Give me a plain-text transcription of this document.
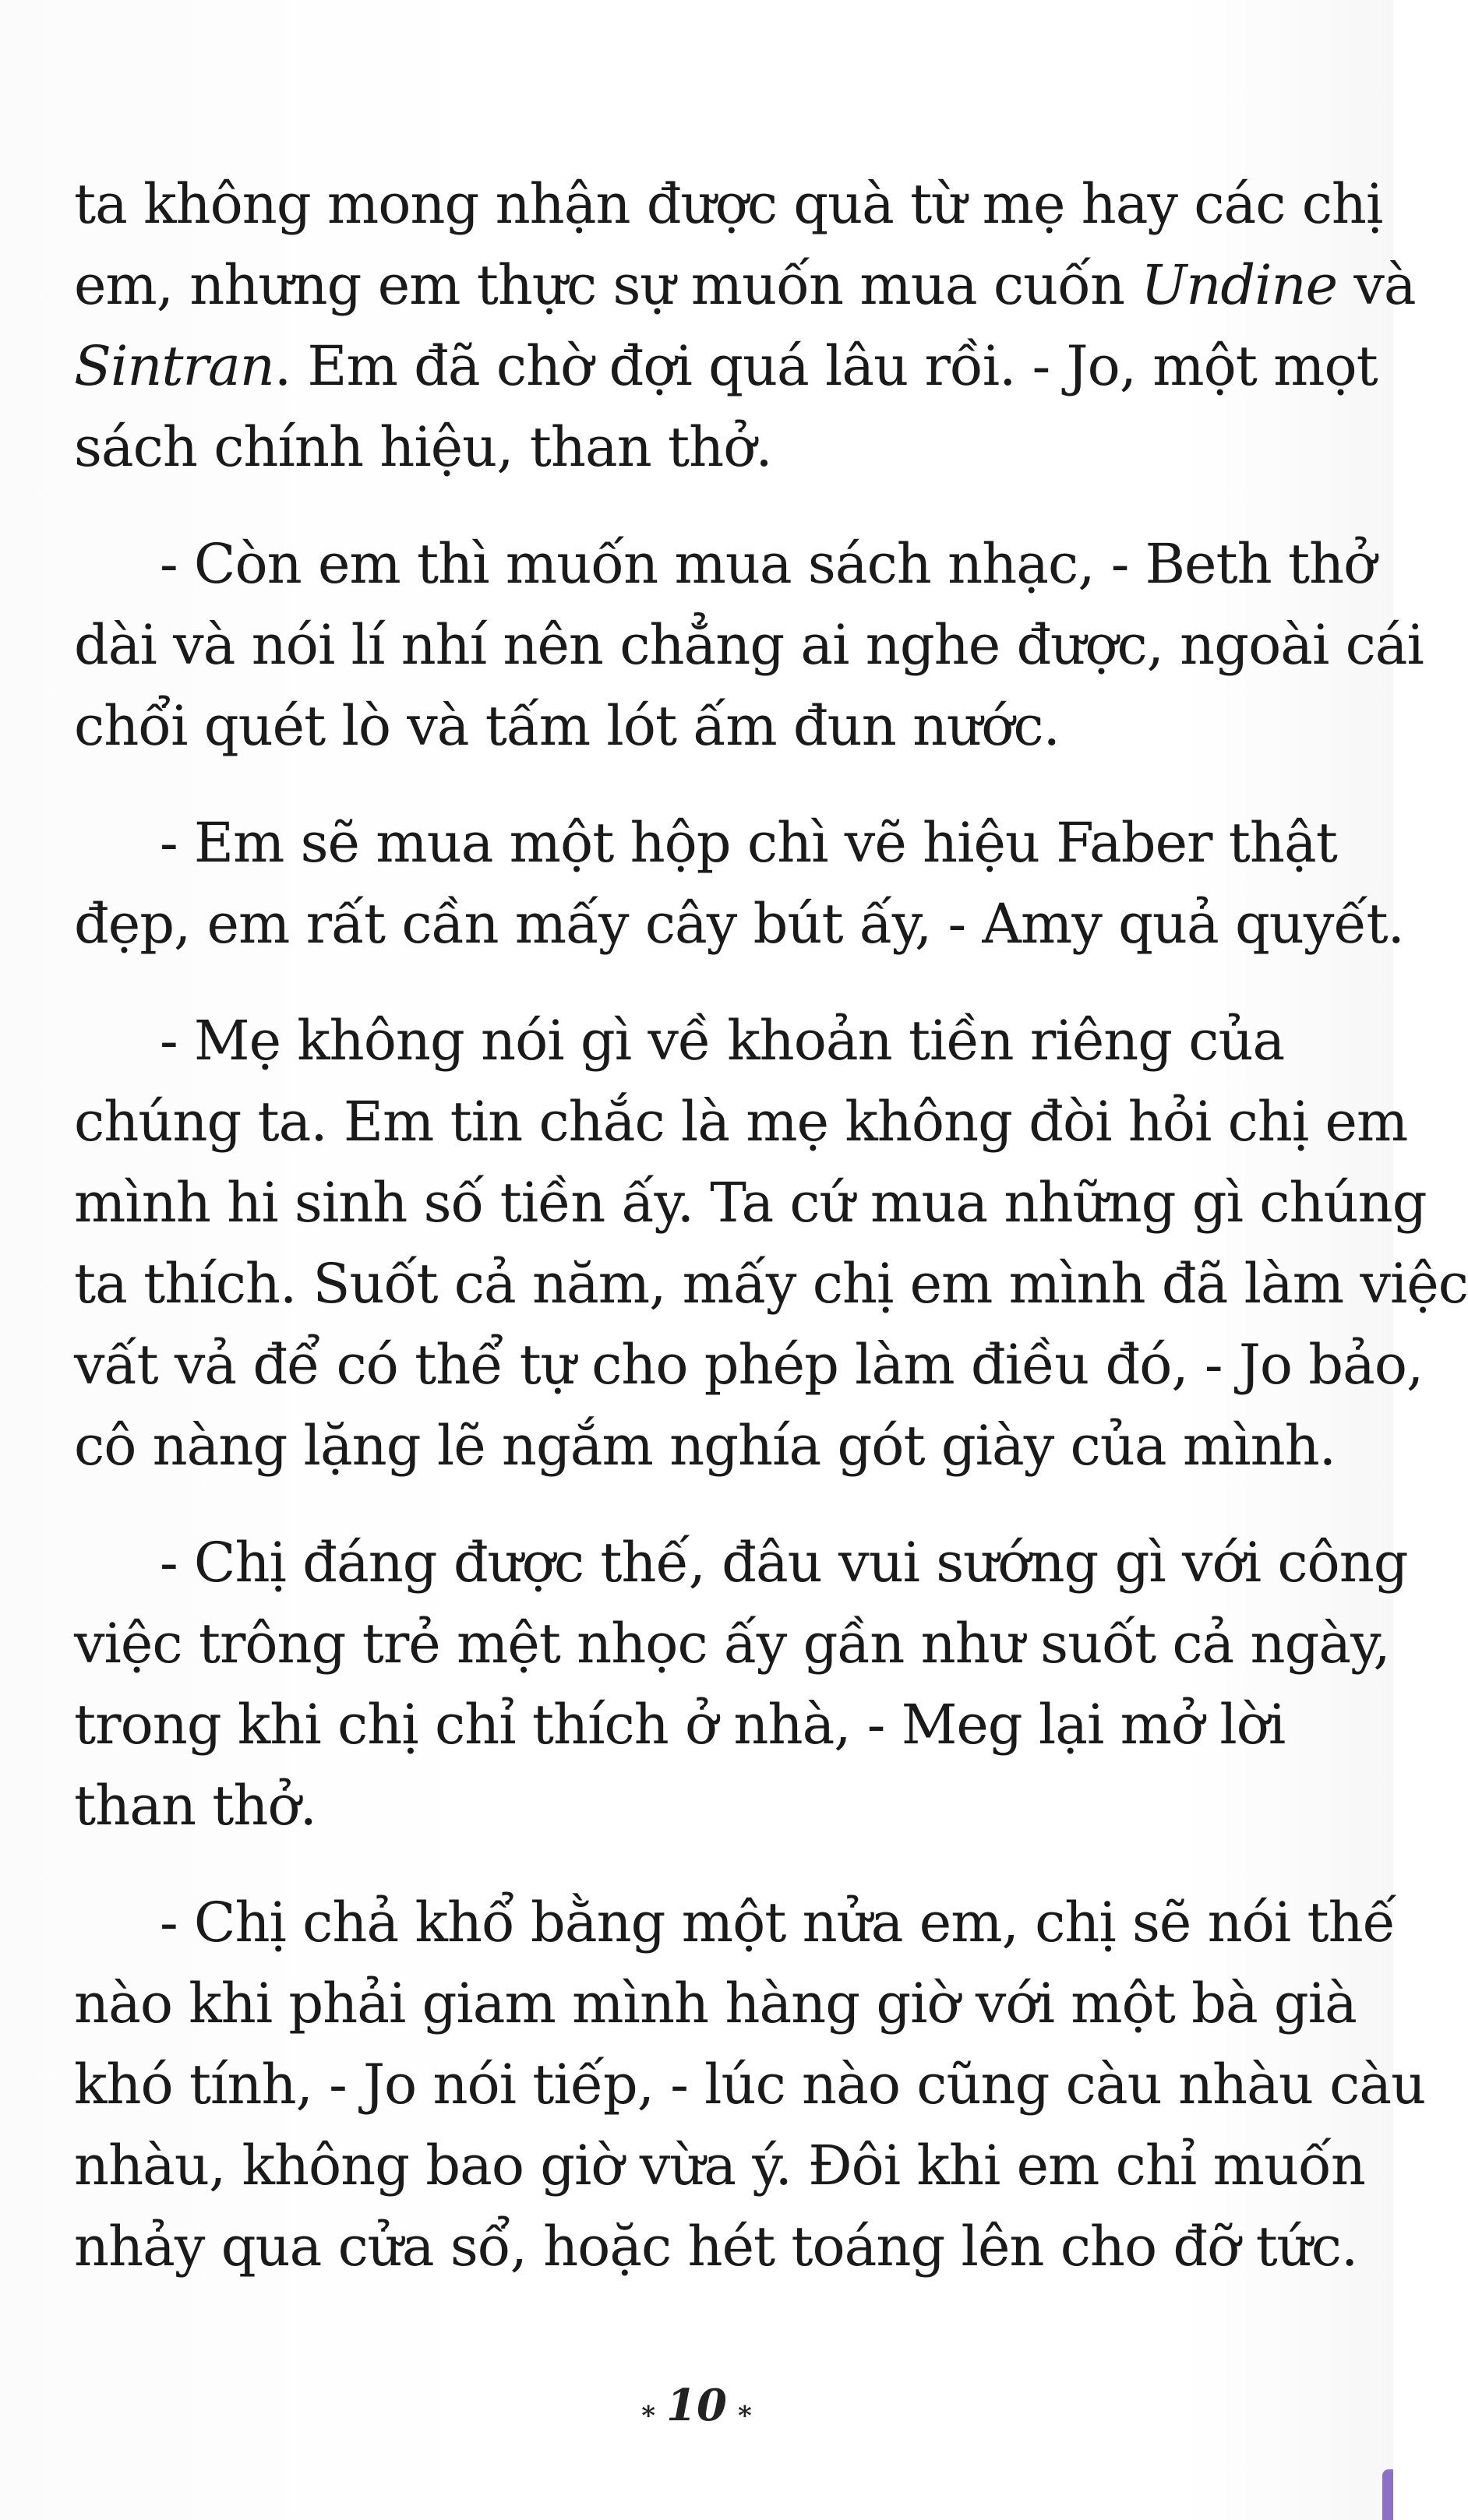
ta không mong nhận được quà từ mẹ hay các chị
em, nhưng em thực sự muốn mua cuốn Undine và
Sintran. Em đã chờ đợi quá lâu rồi. - Jo, một mọt
sách chính hiệu, than thở.

- Còn em thì muốn mua sách nhạc, - Beth thở
dài và nói lí nhí nên chẳng ai nghe được, ngoài cái
chổi quét lò và tấm lót ấm đun nước.

- Em sẽ mua một hộp chì vẽ hiệu Faber thật
đẹp, em rất cần mấy cây bút ấy, - Amy quả quyết.

- Mẹ không nói gì về khoản tiền riêng của
chúng ta. Em tin chắc là mẹ không đòi hỏi chị em
mình hi sinh số tiền ấy. Ta cứ mua những gì chúng
ta thích. Suốt cả năm, mấy chị em mình đã làm việc
vất vả để có thể tự cho phép làm điều đó, - Jo bảo,
cô nàng lặng lẽ ngắm nghía gót giày của mình.

- Chị đáng được thế, đâu vui sướng gì với công
việc trông trẻ mệt nhọc ấy gần như suốt cả ngày,
trong khi chị chỉ thích ở nhà, - Meg lại mở lời
than thở.

- Chị chả khổ bằng một nửa em, chị sẽ nói thế
nào khi phải giam mình hàng giờ với một bà già
khó tính, - Jo nói tiếp, - lúc nào cũng càu nhàu càu
nhàu, không bao giờ vừa ý. Đôi khi em chỉ muốn
nhảy qua cửa sổ, hoặc hét toáng lên cho đỡ tức.

⁎ 10 ⁎
